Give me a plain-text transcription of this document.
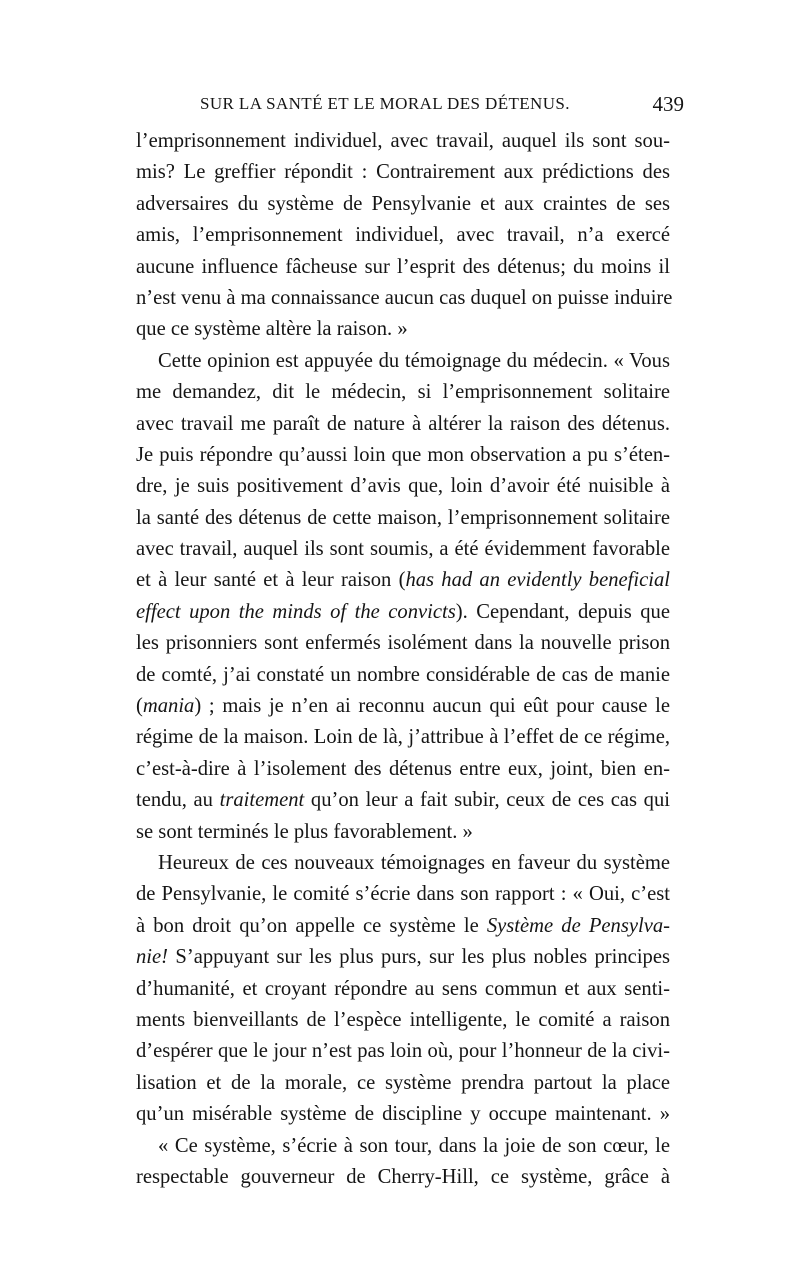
SUR LA SANTÉ ET LE MORAL DES DÉTENUS.	439
l’emprisonnement individuel, avec travail, auquel ils sont sou-
mis? Le greffier répondit : Contrairement aux prédictions des
adversaires du système de Pensylvanie et aux craintes de ses
amis, l’emprisonnement individuel, avec travail, n’a exercé
aucune influence fâcheuse sur l’esprit des détenus; du moins il
n’est venu à ma connaissance aucun cas duquel on puisse induire
que ce système altère la raison. »
Cette opinion est appuyée du témoignage du médecin. « Vous
me demandez, dit le médecin, si l’emprisonnement solitaire
avec travail me paraît de nature à altérer la raison des détenus.
Je puis répondre qu’aussi loin que mon observation a pu s’éten-
dre, je suis positivement d’avis que, loin d’avoir été nuisible à
la santé des détenus de cette maison, l’emprisonnement solitaire
avec travail, auquel ils sont soumis, a été évidemment favorable
et à leur santé et à leur raison (has had an evidently beneficial
effect upon the minds of the convicts). Cependant, depuis que
les prisonniers sont enfermés isolément dans la nouvelle prison
de comté, j’ai constaté un nombre considérable de cas de manie
(mania) ; mais je n’en ai reconnu aucun qui eût pour cause le
régime de la maison. Loin de là, j’attribue à l’effet de ce régime,
c’est-à-dire à l’isolement des détenus entre eux, joint, bien en-
tendu, au traitement qu’on leur a fait subir, ceux de ces cas qui
se sont terminés le plus favorablement. »
Heureux de ces nouveaux témoignages en faveur du système
de Pensylvanie, le comité s’écrie dans son rapport : « Oui, c’est
à bon droit qu’on appelle ce système le Système de Pensylva-
nie! S’appuyant sur les plus purs, sur les plus nobles principes
d’humanité, et croyant répondre au sens commun et aux senti-
ments bienveillants de l’espèce intelligente, le comité a raison
d’espérer que le jour n’est pas loin où, pour l’honneur de la civi-
lisation et de la morale, ce système prendra partout la place
qu’un misérable système de discipline y occupe maintenant. »
« Ce système, s’écrie à son tour, dans la joie de son cœur, le
respectable gouverneur de Cherry-Hill, ce système, grâce à
